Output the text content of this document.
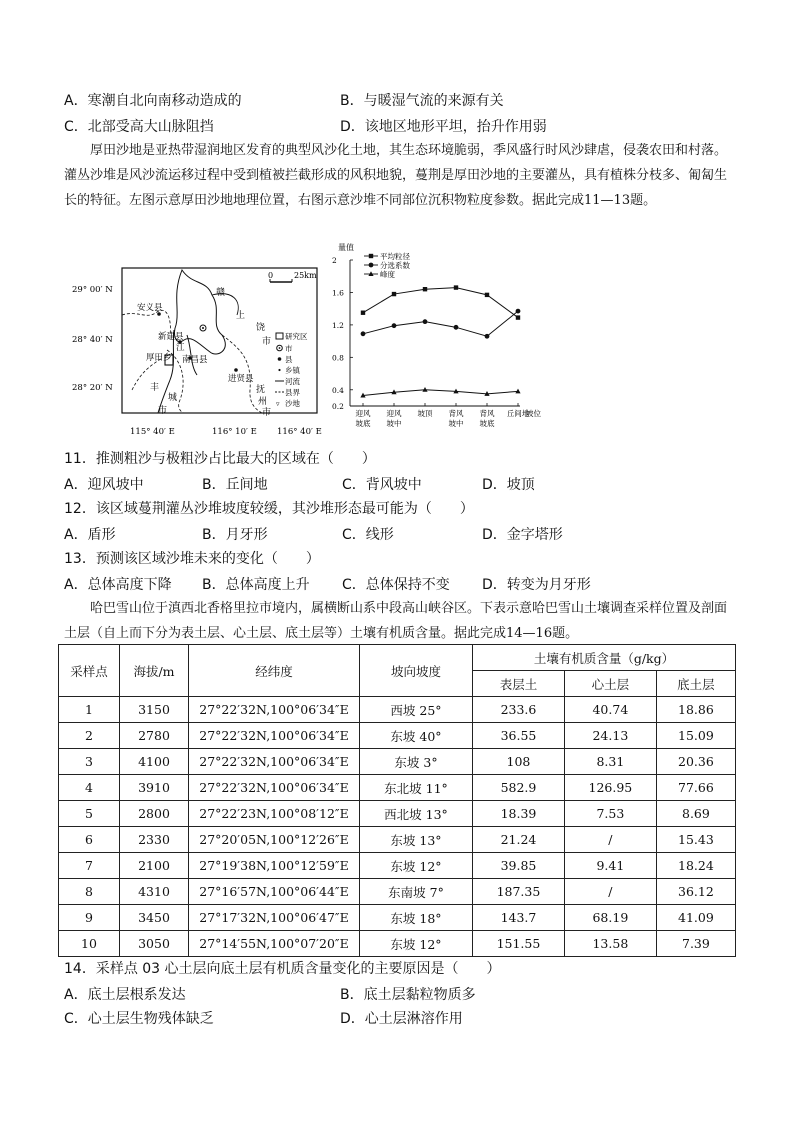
A．寒潮自北向南移动造成的	B．与暖湿气流的来源有关
C．北部受高大山脉阻挡	D．该地区地形平坦，抬升作用弱
厚田沙地是亚热带湿润地区发育的典型风沙化土地，其生态环境脆弱，季风盛行时风沙肆虐，侵袭农田和村落。灌丛沙堆是风沙流运移过程中受到植被拦截形成的风积地貌，蔓荆是厚田沙地的主要灌丛，具有植株分枝多、匍匐生长的特征。左图示意厚田沙地地理位置，右图示意沙堆不同部位沉积物粒度参数。据此完成11—13题。
0	25km
29° 00′ N
28° 40′ N
28° 20′ N
115° 40′ E	116° 10′ E 116° 40′ E
安义县
新建县
江
厚田乡 南昌县
进贤县
赣
丰
城
市
上
饶
市
抚
州
市
研究区
市
县
乡镇
河流
县界
▿ 沙地
量值
0.2
0.4
0.8
1.2
1.6
2
迎风
坡底
迎风
坡中
坡顶 背风
坡中
背风
坡底
丘间地
坡位
平均粒径
分选系数
峰度
11．推测粗沙与极粗沙占比最大的区域在（　　）
A．迎风坡中	B．丘间地	C．背风坡中	D．坡顶
12．该区域蔓荆灌丛沙堆坡度较缓，其沙堆形态最可能为（　　）
A．盾形	B．月牙形	C．线形	D．金字塔形
13．预测该区域沙堆未来的变化（　　）
A．总体高度下降 B．总体高度上升 C．总体保持不变 D．转变为月牙形
哈巴雪山位于滇西北香格里拉市境内，属横断山系中段高山峡谷区。下表示意哈巴雪山土壤调查采样位置及剖面土层（自上而下分为表土层、心土层、底土层等）土壤有机质含量。据此完成14—16题。
采样点	海拔/m	经纬度	坡向坡度	土壤有机质含量（g/kg）		
				表层土	心土层	底土层
1	3150	27°22′32N,100°06′34″E	西坡 25°	233.6	40.74	18.86
2	2780	27°22′32N,100°06′34″E	东坡 40°	36.55	24.13	15.09
3	4100	27°22′32N,100°06′34″E	东坡 3°	108	8.31	20.36
4	3910	27°22′32N,100°06′34″E	东北坡 11°	582.9	126.95	77.66
5	2800	27°22′23N,100°08′12″E	西北坡 13°	18.39	7.53	8.69
6	2330	27°20′05N,100°12′26″E	东坡 13°	21.24	/	15.43
7	2100	27°19′38N,100°12′59″E	东坡 12°	39.85	9.41	18.24
8	4310	27°16′57N,100°06′44″E	东南坡 7°	187.35	/	36.12
9	3450	27°17′32N,100°06′47″E	东坡 18°	143.7	68.19	41.09
10	3050	27°14′55N,100°07′20″E	东坡 12°	151.55	13.58	7.39
14．采样点 03 心土层向底土层有机质含量变化的主要原因是（　　）
A．底土层根系发达	B．底土层黏粒物质多
C．心土层生物残体缺乏	D．心土层淋溶作用
